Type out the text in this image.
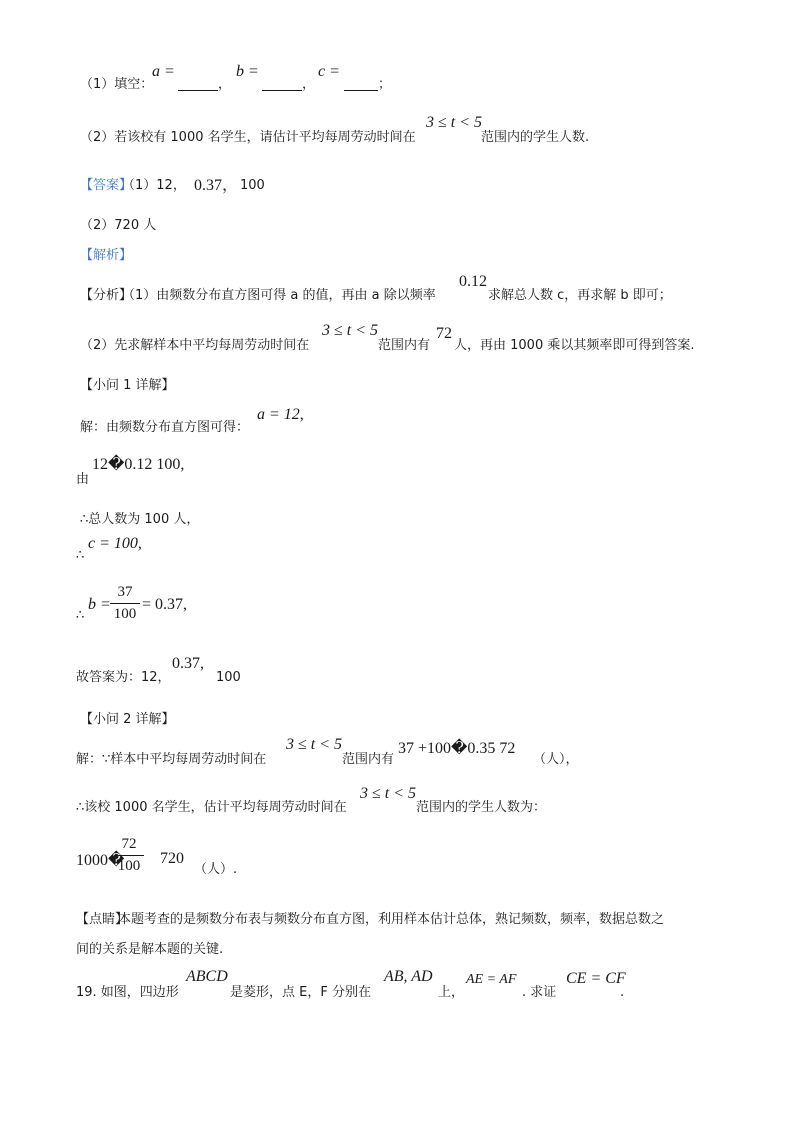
（1）填空：
a =
，
b =
，
c =
；
（2）若该校有 1000 名学生，请估计平均每周劳动时间在
3 ≤ t < 5
范围内的学生人数.
【答案】
（1）12， 0.37， 100
（2）720 人
【解析】
【分析】
（1）由频数分布直方图可得 a 的值，再由 a 除以频率
0.12
求解总人数 c，再求解 b 即可；
（2）先求解样本中平均每周劳动时间在
3 ≤ t < 5
范围内有
72
人，再由 1000 乘以其频率即可得到答案.
【小问 1 详解】
解：由频数分布直方图可得：
a = 12,
由
12�0.12 100,
∴总人数为 100 人，
∴
c = 100,
∴
b =
37
100
= 0.37,
故答案为：12，
0.37,
100
【小问 2 详解】
解：∵样本中平均每周劳动时间在
3 ≤ t < 5
范围内有
37 +100�0.35 72
（人），
∴该校 1000 名学生，估计平均每周劳动时间在
3 ≤ t < 5
范围内的学生人数为：
1000�
72
100 720
（人）.
【点睛】
本题考查的是频数分布表与频数分布直方图，利用样本估计总体，熟记频数，频率，数据总数之
间的关系是解本题的关键.
19. 如图，四边形
ABCD
是菱形，点 E，F 分别在
AB, AD
上，
AE = AF
. 求证
CE = CF
.
